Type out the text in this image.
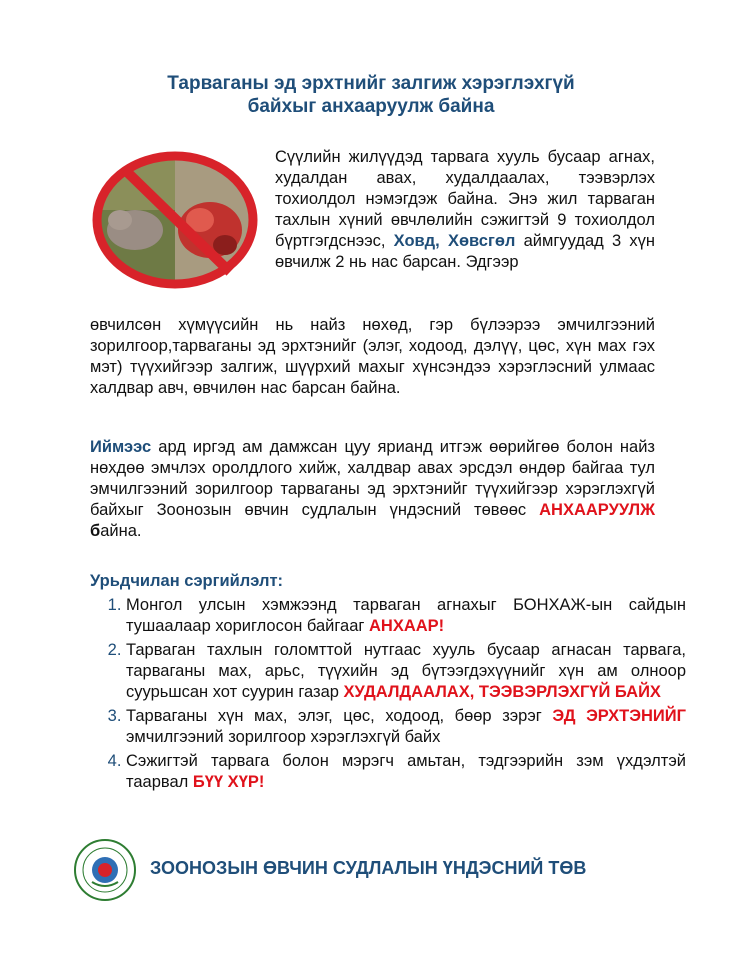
Тарваганы эд эрхтнийг залгиж хэрэглэхгүй
байхыг анхааруулж байна
Сүүлийн жилүүдэд тарвага хууль бусаар агнах, худалдан авах, худалдаалах, тээвэрлэх тохиолдол нэмэгдэж байна. Энэ жил тарваган тахлын хүний өвчлөлийн сэжигтэй 9 тохиолдол бүртгэгдснээс, Ховд, Хөвсгөл аймгуудад 3 хүн өвчилж 2 нь нас барсан. Эдгээр
өвчилсөн хүмүүсийн нь найз нөхөд, гэр бүлээрээ эмчилгээний зорилгоор,тарваганы эд эрхтэнийг (элэг, ходоод, дэлүү, цөс, хүн мах гэх мэт) түүхийгээр залгиж, шүүрхий махыг хүнсэндээ хэрэглэсний улмаас халдвар авч, өвчилөн нас барсан байна.
Иймээс ард иргэд ам дамжсан цуу ярианд итгэж өөрийгөө болон найз нөхдөө эмчлэх оролдлого хийж, халдвар авах эрсдэл өндөр байгаа тул эмчилгээний зорилгоор тарваганы эд эрхтэнийг түүхийгээр хэрэглэхгүй байхыг Зоонозын өвчин судлалын үндэсний төвөөс АНХААРУУЛЖ байна.
Урьдчилан сэргийлэлт:
1. Монгол улсын хэмжээнд тарваган агнахыг БОНХАЖ-ын сайдын тушаалаар хориглосон байгааг АНХААР!
2. Тарваган тахлын голомттой нутгаас хууль бусаар агнасан тарвага, тарваганы мах, арьс, түүхийн эд бүтээгдэхүүнийг хүн ам олноор суурьшсан хот суурин газар ХУДАЛДААЛАХ, ТЭЭВЭРЛЭХГҮЙ БАЙХ
3. Тарваганы хүн мах, элэг, цөс, ходоод, бөөр зэрэг ЭД ЭРХТЭНИЙГ эмчилгээний зорилгоор хэрэглэхгүй байх
4. Сэжигтэй тарвага болон мэрэгч амьтан, тэдгээрийн зэм үхдэлтэй таарвал БҮҮ ХҮР!
ЗООНОЗЫН ӨВЧИН СУДЛАЛЫН ҮНДЭСНИЙ ТӨВ
